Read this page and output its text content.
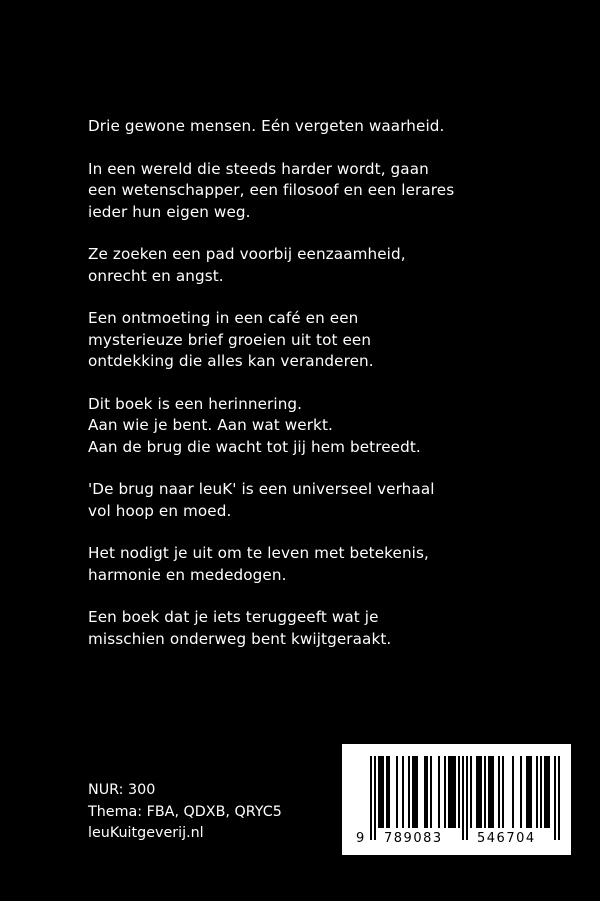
Drie gewone mensen. Eén vergeten waarheid.

In een wereld die steeds harder wordt, gaan
een wetenschapper, een filosoof en een lerares
ieder hun eigen weg.

Ze zoeken een pad voorbij eenzaamheid,
onrecht en angst.

Een ontmoeting in een café en een
mysterieuze brief groeien uit tot een
ontdekking die alles kan veranderen.

Dit boek is een herinnering.
Aan wie je bent. Aan wat werkt.
Aan de brug die wacht tot jij hem betreedt.

'De brug naar leuK' is een universeel verhaal
vol hoop en moed.

Het nodigt je uit om te leven met betekenis,
harmonie en mededogen.

Een boek dat je iets teruggeeft wat je
misschien onderweg bent kwijtgeraakt.

NUR: 300
Thema: FBA, QDXB, QRYC5
leuKuitgeverij.nl	9 789083	546704
